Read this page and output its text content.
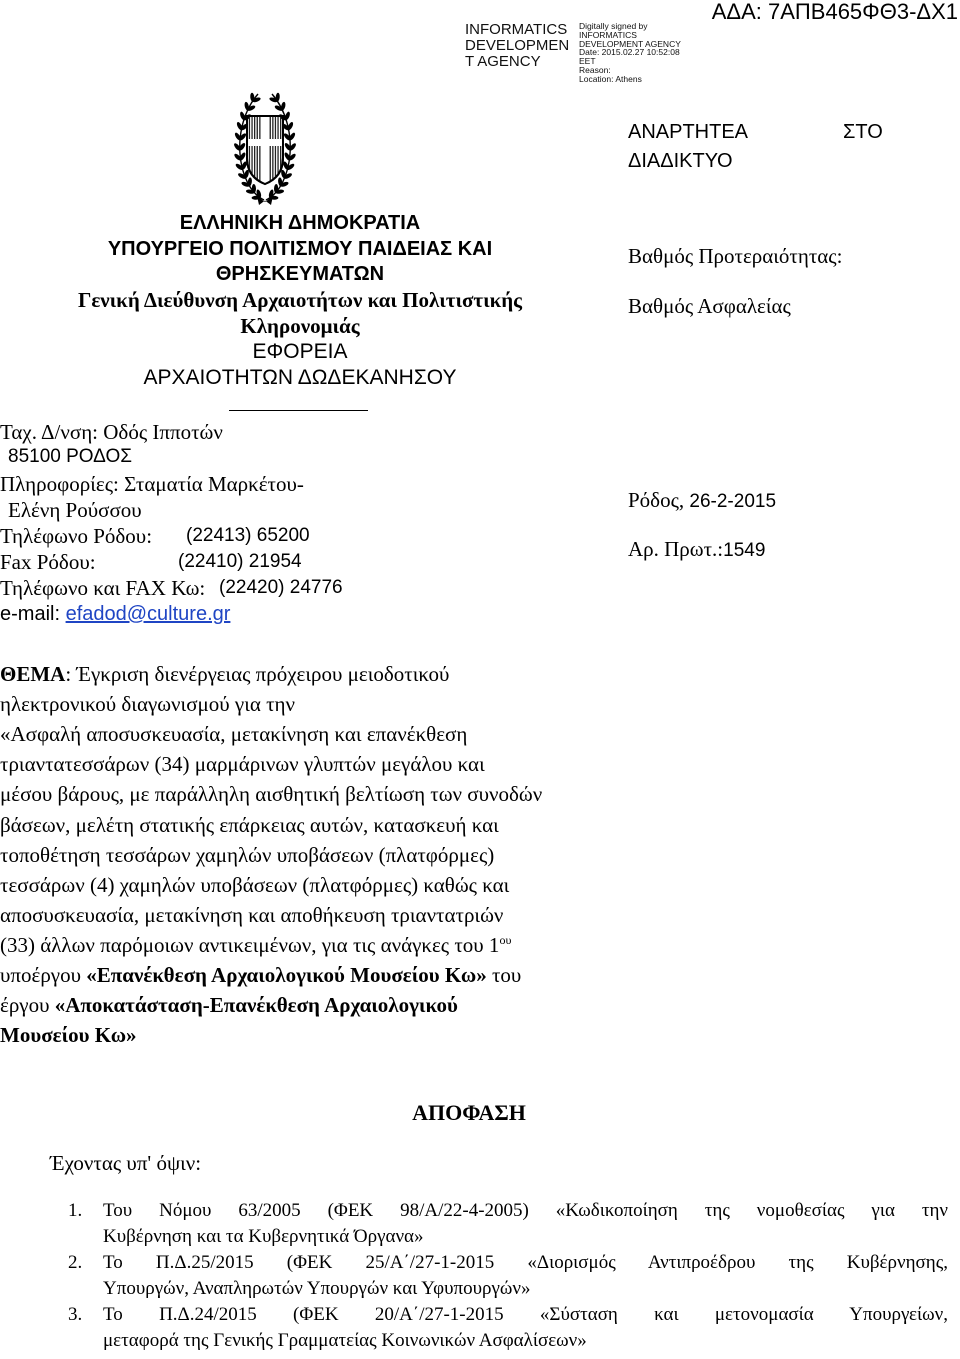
ΑΔΑ: 7ΑΠΒ465ΦΘ3-ΔΧ1
INFORMATICS
DEVELOPMEN
T AGENCY
Digitally signed by
INFORMATICS
DEVELOPMENT AGENCY
Date: 2015.02.27 10:52:08
EET
Reason:
Location: Athens
ΑΝΑΡΤΗΤΕΑ	ΣΤΟ
ΔΙΑΔΙΚΤΥΟ
ΕΛΛΗΝΙΚΗ ΔΗΜΟΚΡΑΤΙΑ
ΥΠΟΥΡΓΕΙΟ ΠΟΛΙΤΙΣΜΟΥ ΠΑΙΔΕΙΑΣ ΚΑΙ
ΘΡΗΣΚΕΥΜΑΤΩΝ
Γενική Διεύθυνση Αρχαιοτήτων και Πολιτιστικής
Κληρονομιάς
ΕΦΟΡΕΙΑ
ΑΡΧΑΙΟΤΗΤΩΝ ΔΩΔΕΚΑΝΗΣΟΥ
Ταχ. Δ/νση: Οδός Ιπποτών
85100 ΡΟΔΟΣ
Πληροφορίες: Σταματία Μαρκέτου-
Ελένη Ρούσσου
Τηλέφωνο Ρόδου: (22413) 65200
Fax Ρόδου:	(22410) 21954
Τηλέφωνο και FAX Κω: (22420) 24776
e-mail: efadod@culture.gr
Βαθμός Προτεραιότητας:
Βαθμός Ασφαλείας
Ρόδος, 26-2-2015
Αρ. Πρωτ.:1549
ΘΕΜΑ: Έγκριση διενέργειας πρόχειρου μειοδοτικού
ηλεκτρονικού διαγωνισμού για την
«Ασφαλή αποσυσκευασία, μετακίνηση και επανέκθεση
τριαντατεσσάρων (34) μαρμάρινων γλυπτών μεγάλου και
μέσου βάρους, με παράλληλη αισθητική βελτίωση των συνοδών
βάσεων, μελέτη στατικής επάρκειας αυτών, κατασκευή και
τοποθέτηση τεσσάρων χαμηλών υποβάσεων (πλατφόρμες)
τεσσάρων (4) χαμηλών υποβάσεων (πλατφόρμες) καθώς και
αποσυσκευασία, μετακίνηση και αποθήκευση τριαντατριών
(33) άλλων παρόμοιων αντικειμένων, για τις ανάγκες του $1^{o\upsilon}$
υποέργου «Επανέκθεση Αρχαιολογικού Μουσείου Κω» του
έργου «Αποκατάσταση-Επανέκθεση Αρχαιολογικού
Μουσείου Κω»
ΑΠΟΦΑΣΗ
Έχοντας υπ' όψιν:
1. Του Νόμου 63/2005 (ΦΕΚ 98/Α/22-4-2005) «Κωδικοποίηση της νομοθεσίας για την
Κυβέρνηση και τα Κυβερνητικά Όργανα»
2. Το Π.Δ.25/2015 (ΦΕΚ 25/Α΄/27-1-2015 «Διορισμός Αντιπροέδρου της Κυβέρνησης,
Υπουργών, Αναπληρωτών Υπουργών και Υφυπουργών»
3. Το Π.Δ.24/2015 (ΦΕΚ 20/Α΄/27-1-2015 «Σύσταση και μετονομασία Υπουργείων,
μεταφορά της Γενικής Γραμματείας Κοινωνικών Ασφαλίσεων»
